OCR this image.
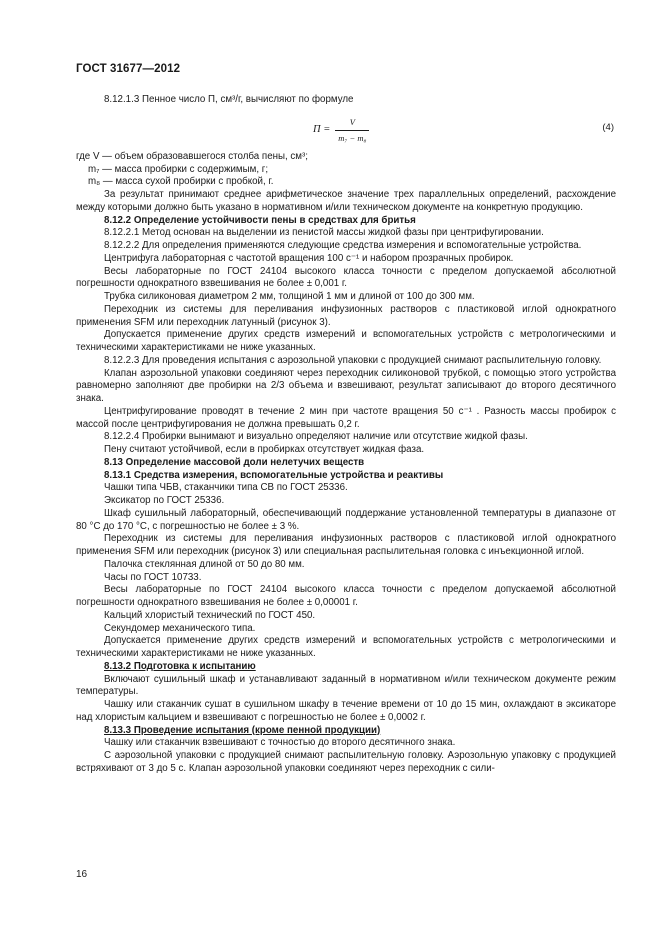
ГОСТ 31677—2012

8.12.1.3 Пенное число П, см³/г, вычисляют по формуле

$П = \frac{V}{\text{m₇ − m₈}}$	(4)

где V — объем образовавшегося столба пены, см³;

m₇ — масса пробирки с содержимым, г;

m₈ — масса сухой пробирки с пробкой, г.

За результат принимают среднее арифметическое значение трех параллельных определений, расхождение между которыми должно быть указано в нормативном и/или техническом документе на конкретную продукцию.

8.12.2 Определение устойчивости пены в средствах для бритья

8.12.2.1 Метод основан на выделении из пенистой массы жидкой фазы при центрифугировании.

8.12.2.2 Для определения применяются следующие средства измерения и вспомогательные устройства.

Центрифуга лабораторная с частотой вращения 100 с⁻¹ и набором прозрачных пробирок.

Весы лабораторные по ГОСТ 24104 высокого класса точности с пределом допускаемой абсолютной погрешности однократного взвешивания не более ± 0,001 г.

Трубка силиконовая диаметром 2 мм, толщиной 1 мм и длиной от 100 до 300 мм.

Переходник из системы для переливания инфузионных растворов с пластиковой иглой однократного применения SFM или переходник латунный (рисунок 3).

Допускается применение других средств измерений и вспомогательных устройств с метрологическими и техническими характеристиками не ниже указанных.

8.12.2.3 Для проведения испытания с аэрозольной упаковки с продукцией снимают распылительную головку.

Клапан аэрозольной упаковки соединяют через переходник силиконовой трубкой, с помощью этого устройства равномерно заполняют две пробирки на 2/3 объема и взвешивают, результат записывают до второго десятичного знака.

Центрифугирование проводят в течение 2 мин при частоте вращения 50 с⁻¹ . Разность массы пробирок с массой после центрифугирования не должна превышать 0,2 г.

8.12.2.4 Пробирки вынимают и визуально определяют наличие или отсутствие жидкой фазы.

Пену считают устойчивой, если в пробирках отсутствует жидкая фаза.

8.13 Определение массовой доли нелетучих веществ

8.13.1 Средства измерения, вспомогательные устройства и реактивы

Чашки типа ЧБВ, стаканчики типа СВ по ГОСТ 25336.

Эксикатор по ГОСТ 25336.

Шкаф сушильный лабораторный, обеспечивающий поддержание установленной температуры в диапазоне от 80 °С до 170 °С, с погрешностью не более ± 3 %.

Переходник из системы для переливания инфузионных растворов с пластиковой иглой однократного применения SFM или переходник (рисунок 3) или специальная распылительная головка с инъекционной иглой.

Палочка стеклянная длиной от 50 до 80 мм.

Часы по ГОСТ 10733.

Весы лабораторные по ГОСТ 24104 высокого класса точности с пределом допускаемой абсолютной погрешности однократного взвешивания не более ± 0,00001 г.

Кальций хлористый технический по ГОСТ 450.

Секундомер механического типа.

Допускается применение других средств измерений и вспомогательных устройств с метрологическими и техническими характеристиками не ниже указанных.

8.13.2 Подготовка к испытанию

Включают сушильный шкаф и устанавливают заданный в нормативном и/или техническом документе режим температуры.

Чашку или стаканчик сушат в сушильном шкафу в течение времени от 10 до 15 мин, охлаждают в эксикаторе над хлористым кальцием и взвешивают с погрешностью не более ± 0,0002 г.

8.13.3 Проведение испытания (кроме пенной продукции)

Чашку или стаканчик взвешивают с точностью до второго десятичного знака.

С аэрозольной упаковки с продукцией снимают распылительную головку. Аэрозольную упаковку с продукцией встряхивают от 3 до 5 с. Клапан аэрозольной упаковки соединяют через переходник с сили-

16
